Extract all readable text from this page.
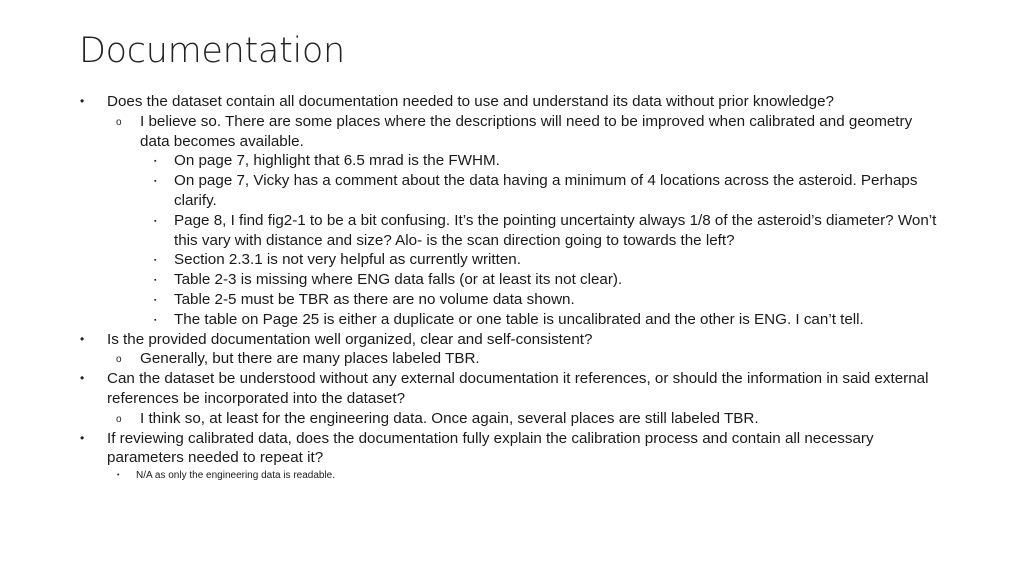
Documentation
• Does the dataset contain all documentation needed to use and understand its data without prior knowledge?
o I believe so. There are some places where the descriptions will need to be improved when calibrated and geometry data becomes available.
▪ On page 7, highlight that 6.5 mrad is the FWHM.
▪ On page 7, Vicky has a comment about the data having a minimum of 4 locations across the asteroid. Perhaps clarify.
▪ Page 8, I find fig2-1 to be a bit confusing. It’s the pointing uncertainty always 1/8 of the asteroid’s diameter? Won’t this vary with distance and size? Alo- is the scan direction going to towards the left?
▪ Section 2.3.1 is not very helpful as currently written.
▪ Table 2-3 is missing where ENG data falls (or at least its not clear).
▪ Table 2-5 must be TBR as there are no volume data shown.
▪ The table on Page 25 is either a duplicate or one table is uncalibrated and the other is ENG. I can’t tell.
• Is the provided documentation well organized, clear and self-consistent?
o Generally, but there are many places labeled TBR.
• Can the dataset be understood without any external documentation it references, or should the information in said external references be incorporated into the dataset?
o I think so, at least for the engineering data. Once again, several places are still labeled TBR.
• If reviewing calibrated data, does the documentation fully explain the calibration process and contain all necessary parameters needed to repeat it?
• N/A as only the engineering data is readable.
